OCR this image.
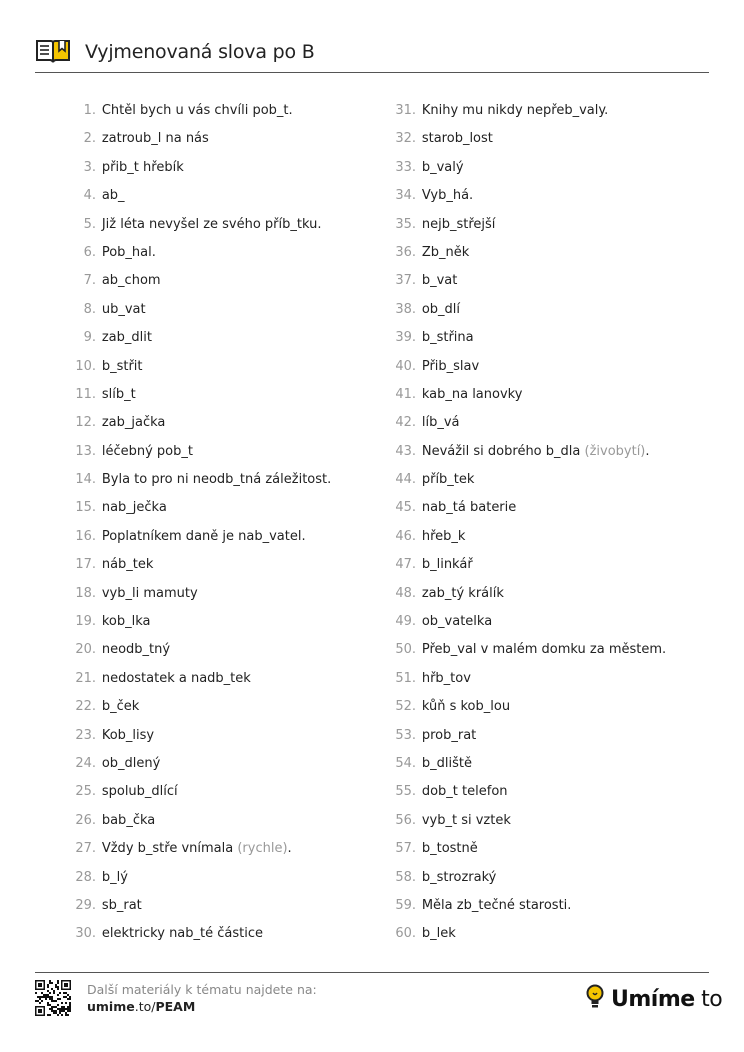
Vyjmenovaná slova po B
1. Chtěl bych u vás chvíli pob_t.
2. zatroub_l na nás
3. přib_t hřebík
4. ab_
5. Již léta nevyšel ze svého příb_tku.
6. Pob_hal.
7. ab_chom
8. ub_vat
9. zab_dlit
10. b_střit
11. slíb_t
12. zab_jačka
13. léčebný pob_t
14. Byla to pro ni neodb_tná záležitost.
15. nab_ječka
16. Poplatníkem daně je nab_vatel.
17. náb_tek
18. vyb_li mamuty
19. kob_lka
20. neodb_tný
21. nedostatek a nadb_tek
22. b_ček
23. Kob_lisy
24. ob_dlený
25. spolub_dlící
26. bab_čka
27. Vždy b_stře vnímala (rychle).
28. b_lý
29. sb_rat
30. elektricky nab_té částice
31. Knihy mu nikdy nepřeb_valy.
32. starob_lost
33. b_valý
34. Vyb_há.
35. nejb_střejší
36. Zb_něk
37. b_vat
38. ob_dlí
39. b_střina
40. Přib_slav
41. kab_na lanovky
42. líb_vá
43. Nevážil si dobrého b_dla (živobytí).
44. příb_tek
45. nab_tá baterie
46. hřeb_k
47. b_linkář
48. zab_tý králík
49. ob_vatelka
50. Přeb_val v malém domku za městem.
51. hřb_tov
52. kůň s kob_lou
53. prob_rat
54. b_dliště
55. dob_t telefon
56. vyb_t si vztek
57. b_tostně
58. b_strozraký
59. Měla zb_tečné starosti.
60. b_lek
Další materiály k tématu najdete na:
umime.to/PEAM	Umíme to
